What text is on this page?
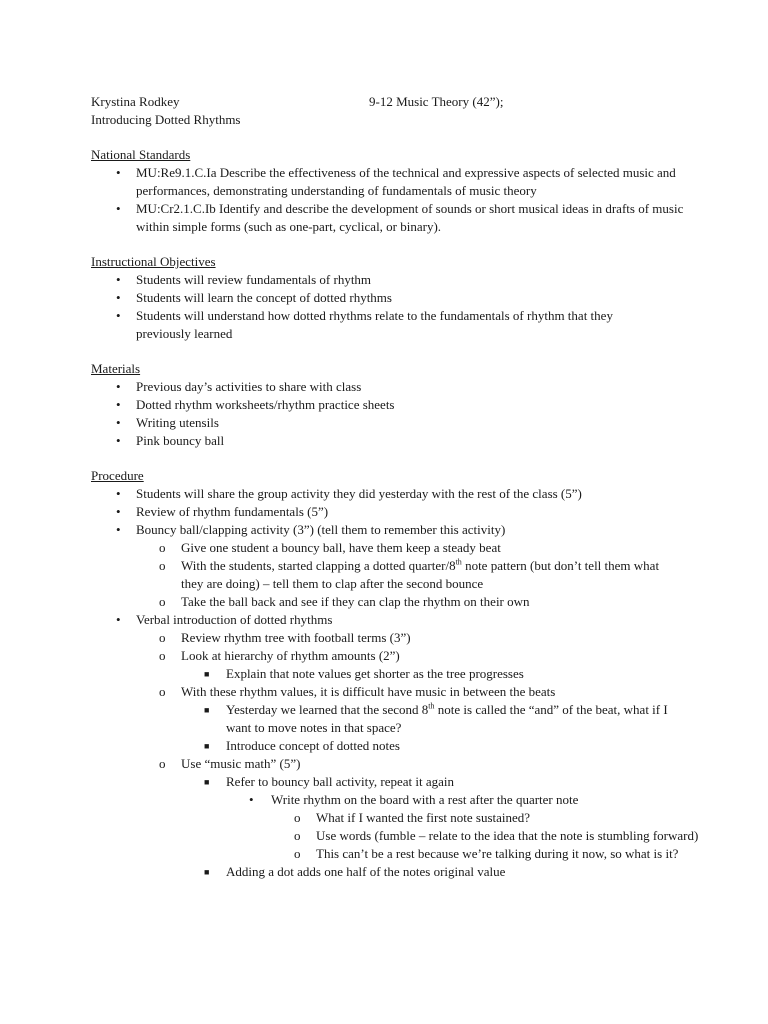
Krystina Rodkey
Introducing Dotted Rhythms
9-12 Music Theory (42”);
National Standards
• MU:Re9.1.C.Ia Describe the effectiveness of the technical and expressive aspects of selected music and performances, demonstrating understanding of fundamentals of music theory
• MU:Cr2.1.C.Ib Identify and describe the development of sounds or short musical ideas in drafts of music within simple forms (such as one-part, cyclical, or binary).
Instructional Objectives
• Students will review fundamentals of rhythm
• Students will learn the concept of dotted rhythms
• Students will understand how dotted rhythms relate to the fundamentals of rhythm that they previously learned
Materials
• Previous day’s activities to share with class
• Dotted rhythm worksheets/rhythm practice sheets
• Writing utensils
• Pink bouncy ball
Procedure
• Students will share the group activity they did yesterday with the rest of the class (5”)
• Review of rhythm fundamentals (5”)
• Bouncy ball/clapping activity (3”) (tell them to remember this activity)
o Give one student a bouncy ball, have them keep a steady beat
o With the students, started clapping a dotted quarter/8th note pattern (but don’t tell them what they are doing) – tell them to clap after the second bounce
o Take the ball back and see if they can clap the rhythm on their own
• Verbal introduction of dotted rhythms
o Review rhythm tree with football terms (3”)
o Look at hierarchy of rhythm amounts (2”)
■ Explain that note values get shorter as the tree progresses
o With these rhythm values, it is difficult have music in between the beats
■ Yesterday we learned that the second 8th note is called the “and” of the beat, what if I want to move notes in that space?
■ Introduce concept of dotted notes
o Use “music math” (5”)
■ Refer to bouncy ball activity, repeat it again
• Write rhythm on the board with a rest after the quarter note
o What if I wanted the first note sustained?
o Use words (fumble – relate to the idea that the note is stumbling forward)
o This can’t be a rest because we’re talking during it now, so what is it?
■ Adding a dot adds one half of the notes original value
